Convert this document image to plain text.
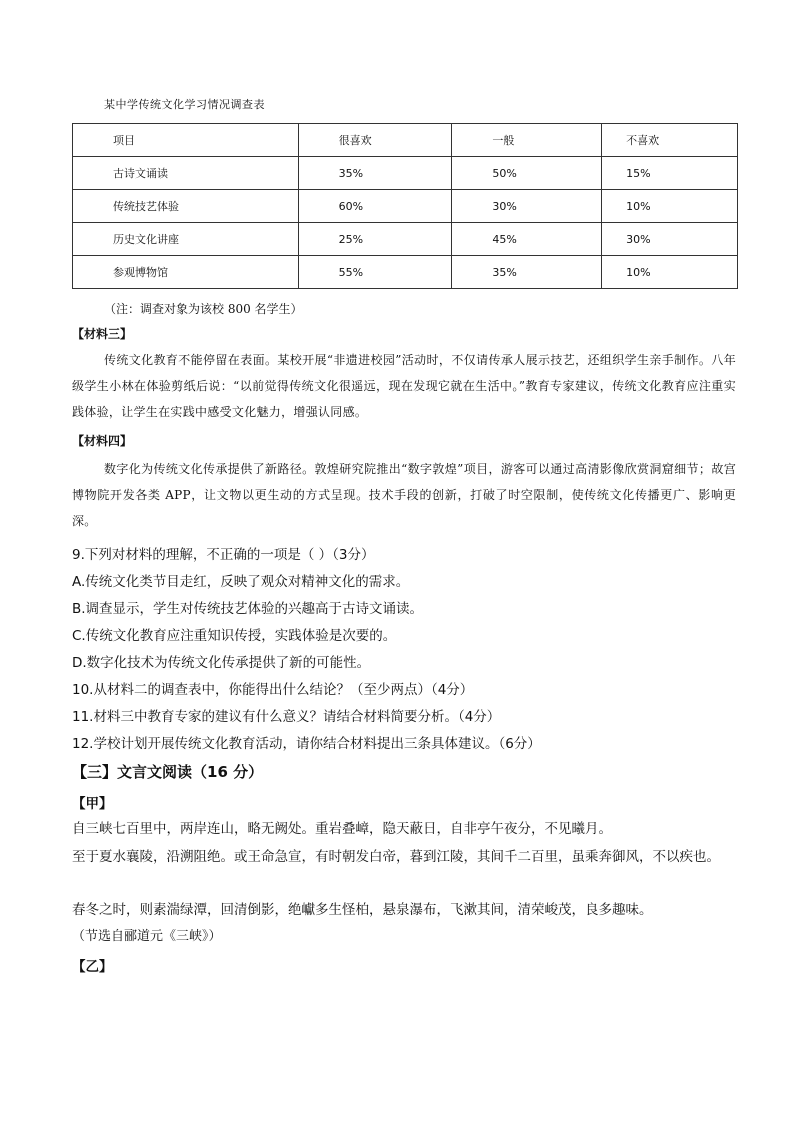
某中学传统文化学习情况调查表
项目	很喜欢	一般	不喜欢
古诗文诵读	35%	50%	15%
传统技艺体验	60%	30%	10%
历史文化讲座	25%	45%	30%
参观博物馆	55%	35%	10%
（注：调查对象为该校 800 名学生）
【材料三】
传统文化教育不能停留在表面。某校开展“非遗进校园”活动时，不仅请传承人展示技艺，还组织学生亲手制作。八年级学生小林在体验剪纸后说：“以前觉得传统文化很遥远，现在发现它就在生活中。”教育专家建议，传统文化教育应注重实践体验，让学生在实践中感受文化魅力，增强认同感。
【材料四】
数字化为传统文化传承提供了新路径。敦煌研究院推出“数字敦煌”项目，游客可以通过高清影像欣赏洞窟细节；故宫博物院开发各类 APP，让文物以更生动的方式呈现。技术手段的创新，打破了时空限制，使传统文化传播更广、影响更深。
9.下列对材料的理解，不正确的一项是（ ）（3分）
A.传统文化类节目走红，反映了观众对精神文化的需求。
B.调查显示，学生对传统技艺体验的兴趣高于古诗文诵读。
C.传统文化教育应注重知识传授，实践体验是次要的。
D.数字化技术为传统文化传承提供了新的可能性。
10.从材料二的调查表中，你能得出什么结论？（至少两点）（4分）
11.材料三中教育专家的建议有什么意义？请结合材料简要分析。（4分）
12.学校计划开展传统文化教育活动，请你结合材料提出三条具体建议。（6分）
【三】文言文阅读（16 分）
【甲】
自三峡七百里中，两岸连山，略无阙处。重岩叠嶂，隐天蔽日，自非亭午夜分，不见曦月。
至于夏水襄陵，沿溯阻绝。或王命急宣，有时朝发白帝，暮到江陵，其间千二百里，虽乘奔御风，不以疾也。
春冬之时，则素湍绿潭，回清倒影，绝巘多生怪柏，悬泉瀑布，飞漱其间，清荣峻茂，良多趣味。
（节选自郦道元《三峡》）
【乙】
